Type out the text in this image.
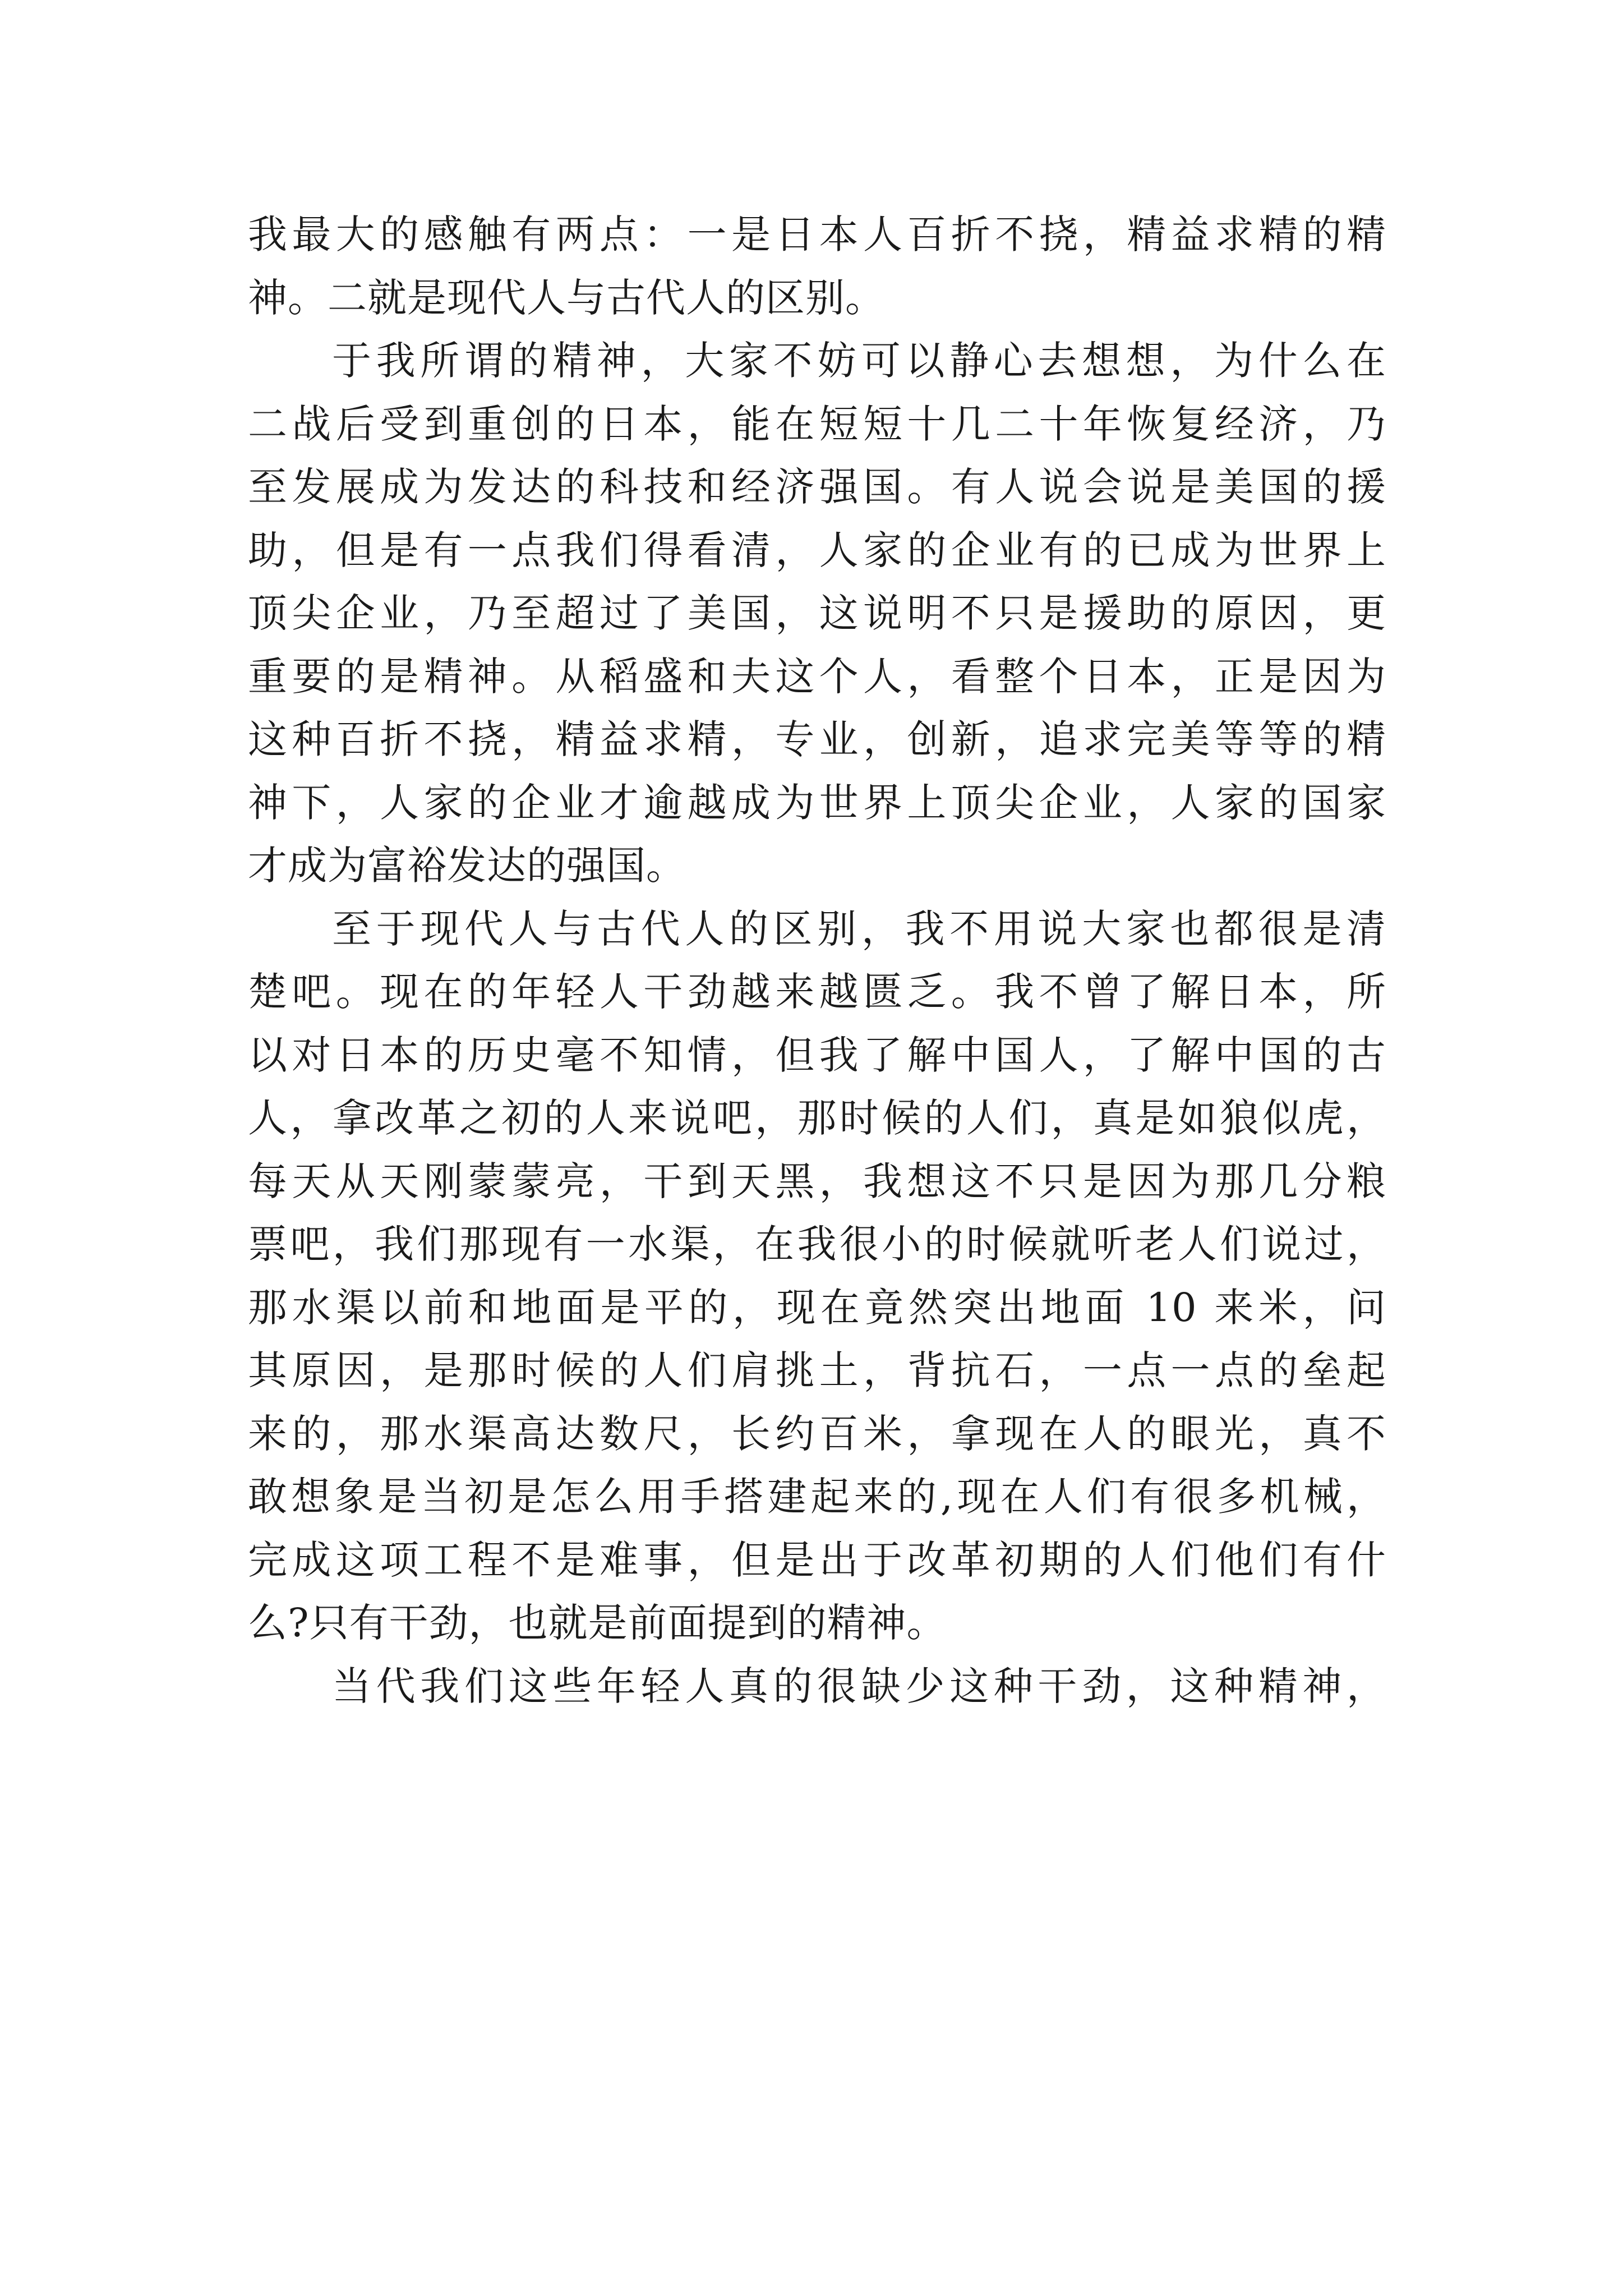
我最大的感触有两点：一是日本人百折不挠，精益求精的精
神。二就是现代人与古代人的区别。
于我所谓的精神，大家不妨可以静心去想想，为什么在
二战后受到重创的日本，能在短短十几二十年恢复经济，乃
至发展成为发达的科技和经济强国。有人说会说是美国的援
助，但是有一点我们得看清，人家的企业有的已成为世界上
顶尖企业，乃至超过了美国，这说明不只是援助的原因，更
重要的是精神。从稻盛和夫这个人，看整个日本，正是因为
这种百折不挠，精益求精，专业，创新，追求完美等等的精
神下，人家的企业才逾越成为世界上顶尖企业，人家的国家
才成为富裕发达的强国。
至于现代人与古代人的区别，我不用说大家也都很是清
楚吧。现在的年轻人干劲越来越匮乏。我不曾了解日本，所
以对日本的历史毫不知情，但我了解中国人，了解中国的古
人，拿改革之初的人来说吧，那时候的人们，真是如狼似虎，
每天从天刚蒙蒙亮，干到天黑，我想这不只是因为那几分粮
票吧，我们那现有一水渠，在我很小的时候就听老人们说过，
那水渠以前和地面是平的，现在竟然突出地面 10 来米，问
其原因，是那时候的人们肩挑土，背抗石，一点一点的垒起
来的，那水渠高达数尺，长约百米，拿现在人的眼光，真不
敢想象是当初是怎么用手搭建起来的,现在人们有很多机械，
完成这项工程不是难事，但是出于改革初期的人们他们有什
么?只有干劲，也就是前面提到的精神。
当代我们这些年轻人真的很缺少这种干劲，这种精神，
